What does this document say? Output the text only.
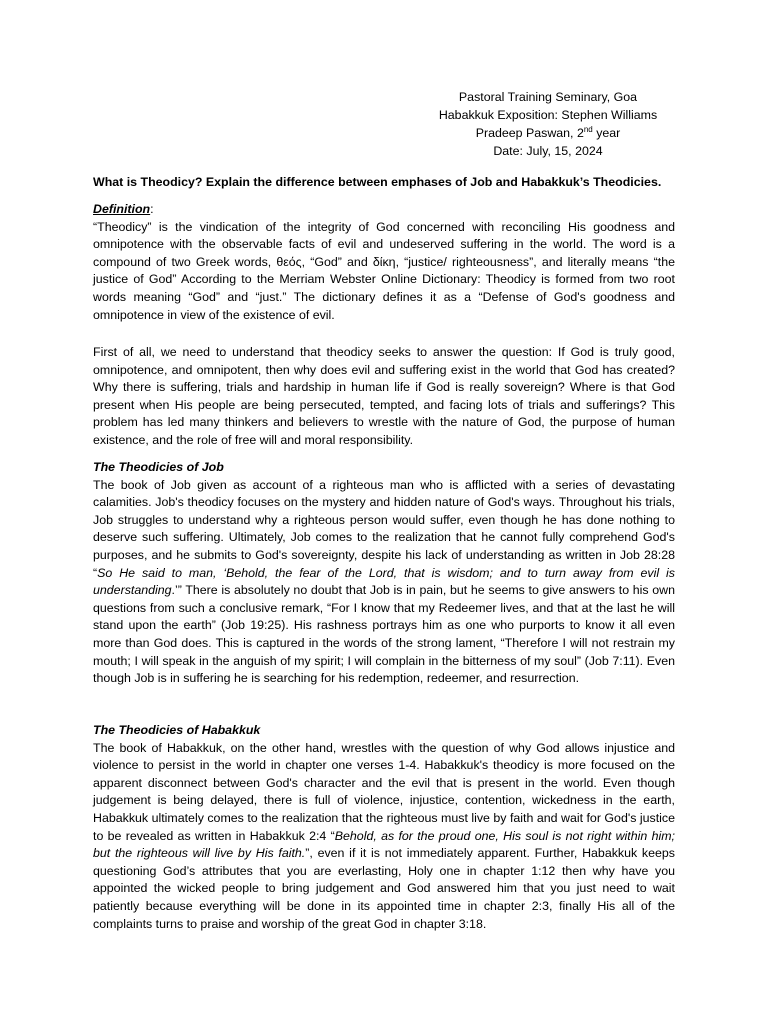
Pastoral Training Seminary, Goa
Habakkuk Exposition: Stephen Williams
Pradeep Paswan, 2nd year
Date: July, 15, 2024
What is Theodicy? Explain the difference between emphases of Job and Habakkuk’s Theodicies.

Definition:

“Theodicy” is the vindication of the integrity of God concerned with reconciling His goodness and omnipotence with the observable facts of evil and undeserved suffering in the world. The word is a compound of two Greek words, θεός, “God” and δίκη, “justice/ righteousness”, and literally means “the justice of God” According to the Merriam Webster Online Dictionary: Theodicy is formed from two root words meaning “God” and “just.” The dictionary defines it as a “Defense of God's goodness and omnipotence in view of the existence of evil.

First of all, we need to understand that theodicy seeks to answer the question: If God is truly good, omnipotence, and omnipotent, then why does evil and suffering exist in the world that God has created? Why there is suffering, trials and hardship in human life if God is really sovereign? Where is that God present when His people are being persecuted, tempted, and facing lots of trials and sufferings? This problem has led many thinkers and believers to wrestle with the nature of God, the purpose of human existence, and the role of free will and moral responsibility.

The Theodicies of Job

The book of Job given as account of a righteous man who is afflicted with a series of devastating calamities. Job's theodicy focuses on the mystery and hidden nature of God's ways. Throughout his trials, Job struggles to understand why a righteous person would suffer, even though he has done nothing to deserve such suffering. Ultimately, Job comes to the realization that he cannot fully comprehend God's purposes, and he submits to God's sovereignty, despite his lack of understanding as written in Job 28:28 “So He said to man, ‘Behold, the fear of the Lord, that is wisdom; and to turn away from evil is understanding.’” There is absolutely no doubt that Job is in pain, but he seems to give answers to his own questions from such a conclusive remark, “For I know that my Redeemer lives, and that at the last he will stand upon the earth” (Job 19:25). His rashness portrays him as one who purports to know it all even more than God does. This is captured in the words of the strong lament, “Therefore I will not restrain my mouth; I will speak in the anguish of my spirit; I will complain in the bitterness of my soul” (Job 7:11). Even though Job is in suffering he is searching for his redemption, redeemer, and resurrection.

The Theodicies of Habakkuk

The book of Habakkuk, on the other hand, wrestles with the question of why God allows injustice and violence to persist in the world in chapter one verses 1-4. Habakkuk's theodicy is more focused on the apparent disconnect between God's character and the evil that is present in the world. Even though judgement is being delayed, there is full of violence, injustice, contention, wickedness in the earth, Habakkuk ultimately comes to the realization that the righteous must live by faith and wait for God's justice to be revealed as written in Habakkuk 2:4 “Behold, as for the proud one, His soul is not right within him; but the righteous will live by His faith.”, even if it is not immediately apparent. Further, Habakkuk keeps questioning God’s attributes that you are everlasting, Holy one in chapter 1:12 then why have you appointed the wicked people to bring judgement and God answered him that you just need to wait patiently because everything will be done in its appointed time in chapter 2:3, finally His all of the complaints turns to praise and worship of the great God in chapter 3:18.
